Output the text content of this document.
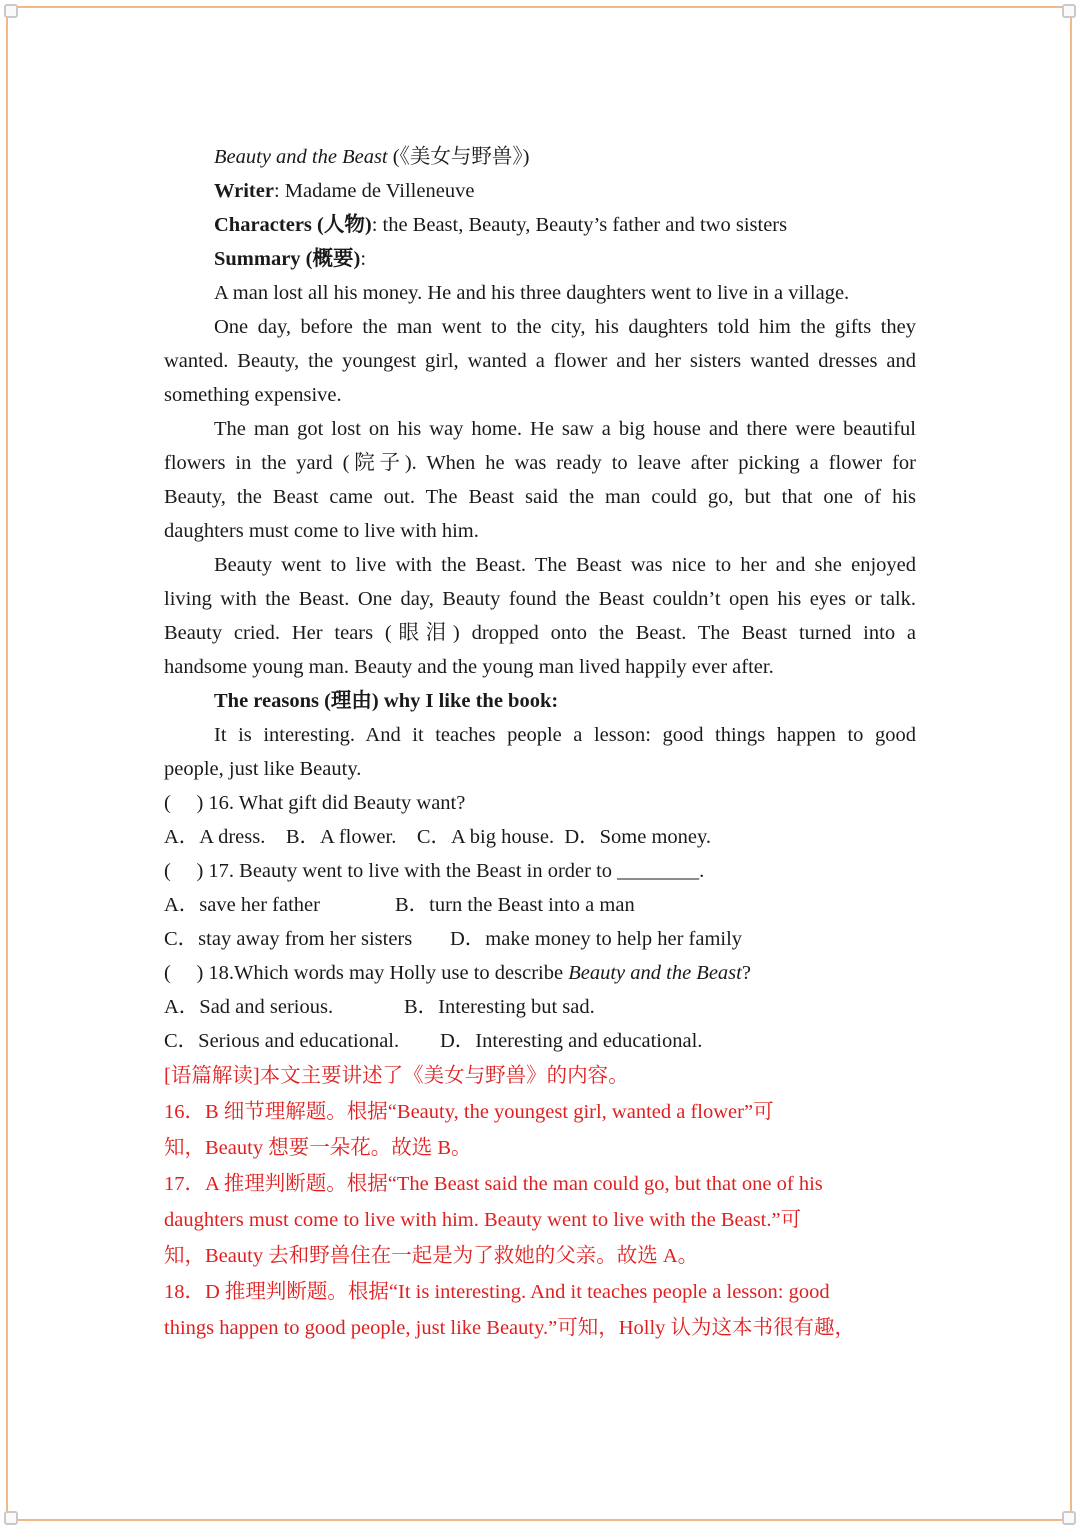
Beauty and the Beast (《美女与野兽》)
Writer: Madame de Villeneuve
Characters (人物): the Beast, Beauty, Beauty’s father and two sisters
Summary (概要):
A man lost all his money. He and his three daughters went to live in a village.
One day, before the man went to the city, his daughters told him the gifts they
wanted. Beauty, the youngest girl, wanted a flower and her sisters wanted dresses and
something expensive.
The man got lost on his way home. He saw a big house and there were beautiful
flowers in the yard (院子). When he was ready to leave after picking a flower for
Beauty, the Beast came out. The Beast said the man could go, but that one of his
daughters must come to live with him.
Beauty went to live with the Beast. The Beast was nice to her and she enjoyed
living with the Beast. One day, Beauty found the Beast couldn’t open his eyes or talk.
Beauty cried. Her tears (眼泪) dropped onto the Beast. The Beast turned into a
handsome young man. Beauty and the young man lived happily ever after.
The reasons (理由) why I like the book:
It is interesting. And it teaches people a lesson: good things happen to good
people, just like Beauty.
(     ) 16. What gift did Beauty want?
A．A dress.    B．A flower.    C．A big house.  D．Some money.
(     ) 17. Beauty went to live with the Beast in order to ________.
A．save her father	B．turn the Beast into a man
C．stay away from her sisters D．make money to help her family
(     ) 18.Which words may Holly use to describe Beauty and the Beast?
A．Sad and serious.	B．Interesting but sad.
C．Serious and educational. D．Interesting and educational.
[语篇解读]本文主要讲述了《美女与野兽》的内容。
16．B 细节理解题。根据“Beauty, the youngest girl, wanted a flower”可
知，Beauty 想要一朵花。故选 B。
17．A 推理判断题。根据“The Beast said the man could go, but that one of his
daughters must come to live with him. Beauty went to live with the Beast.”可
知，Beauty 去和野兽住在一起是为了救她的父亲。故选 A。
18．D 推理判断题。根据“It is interesting. And it teaches people a lesson: good
things happen to good people, just like Beauty.”可知，Holly 认为这本书很有趣，
